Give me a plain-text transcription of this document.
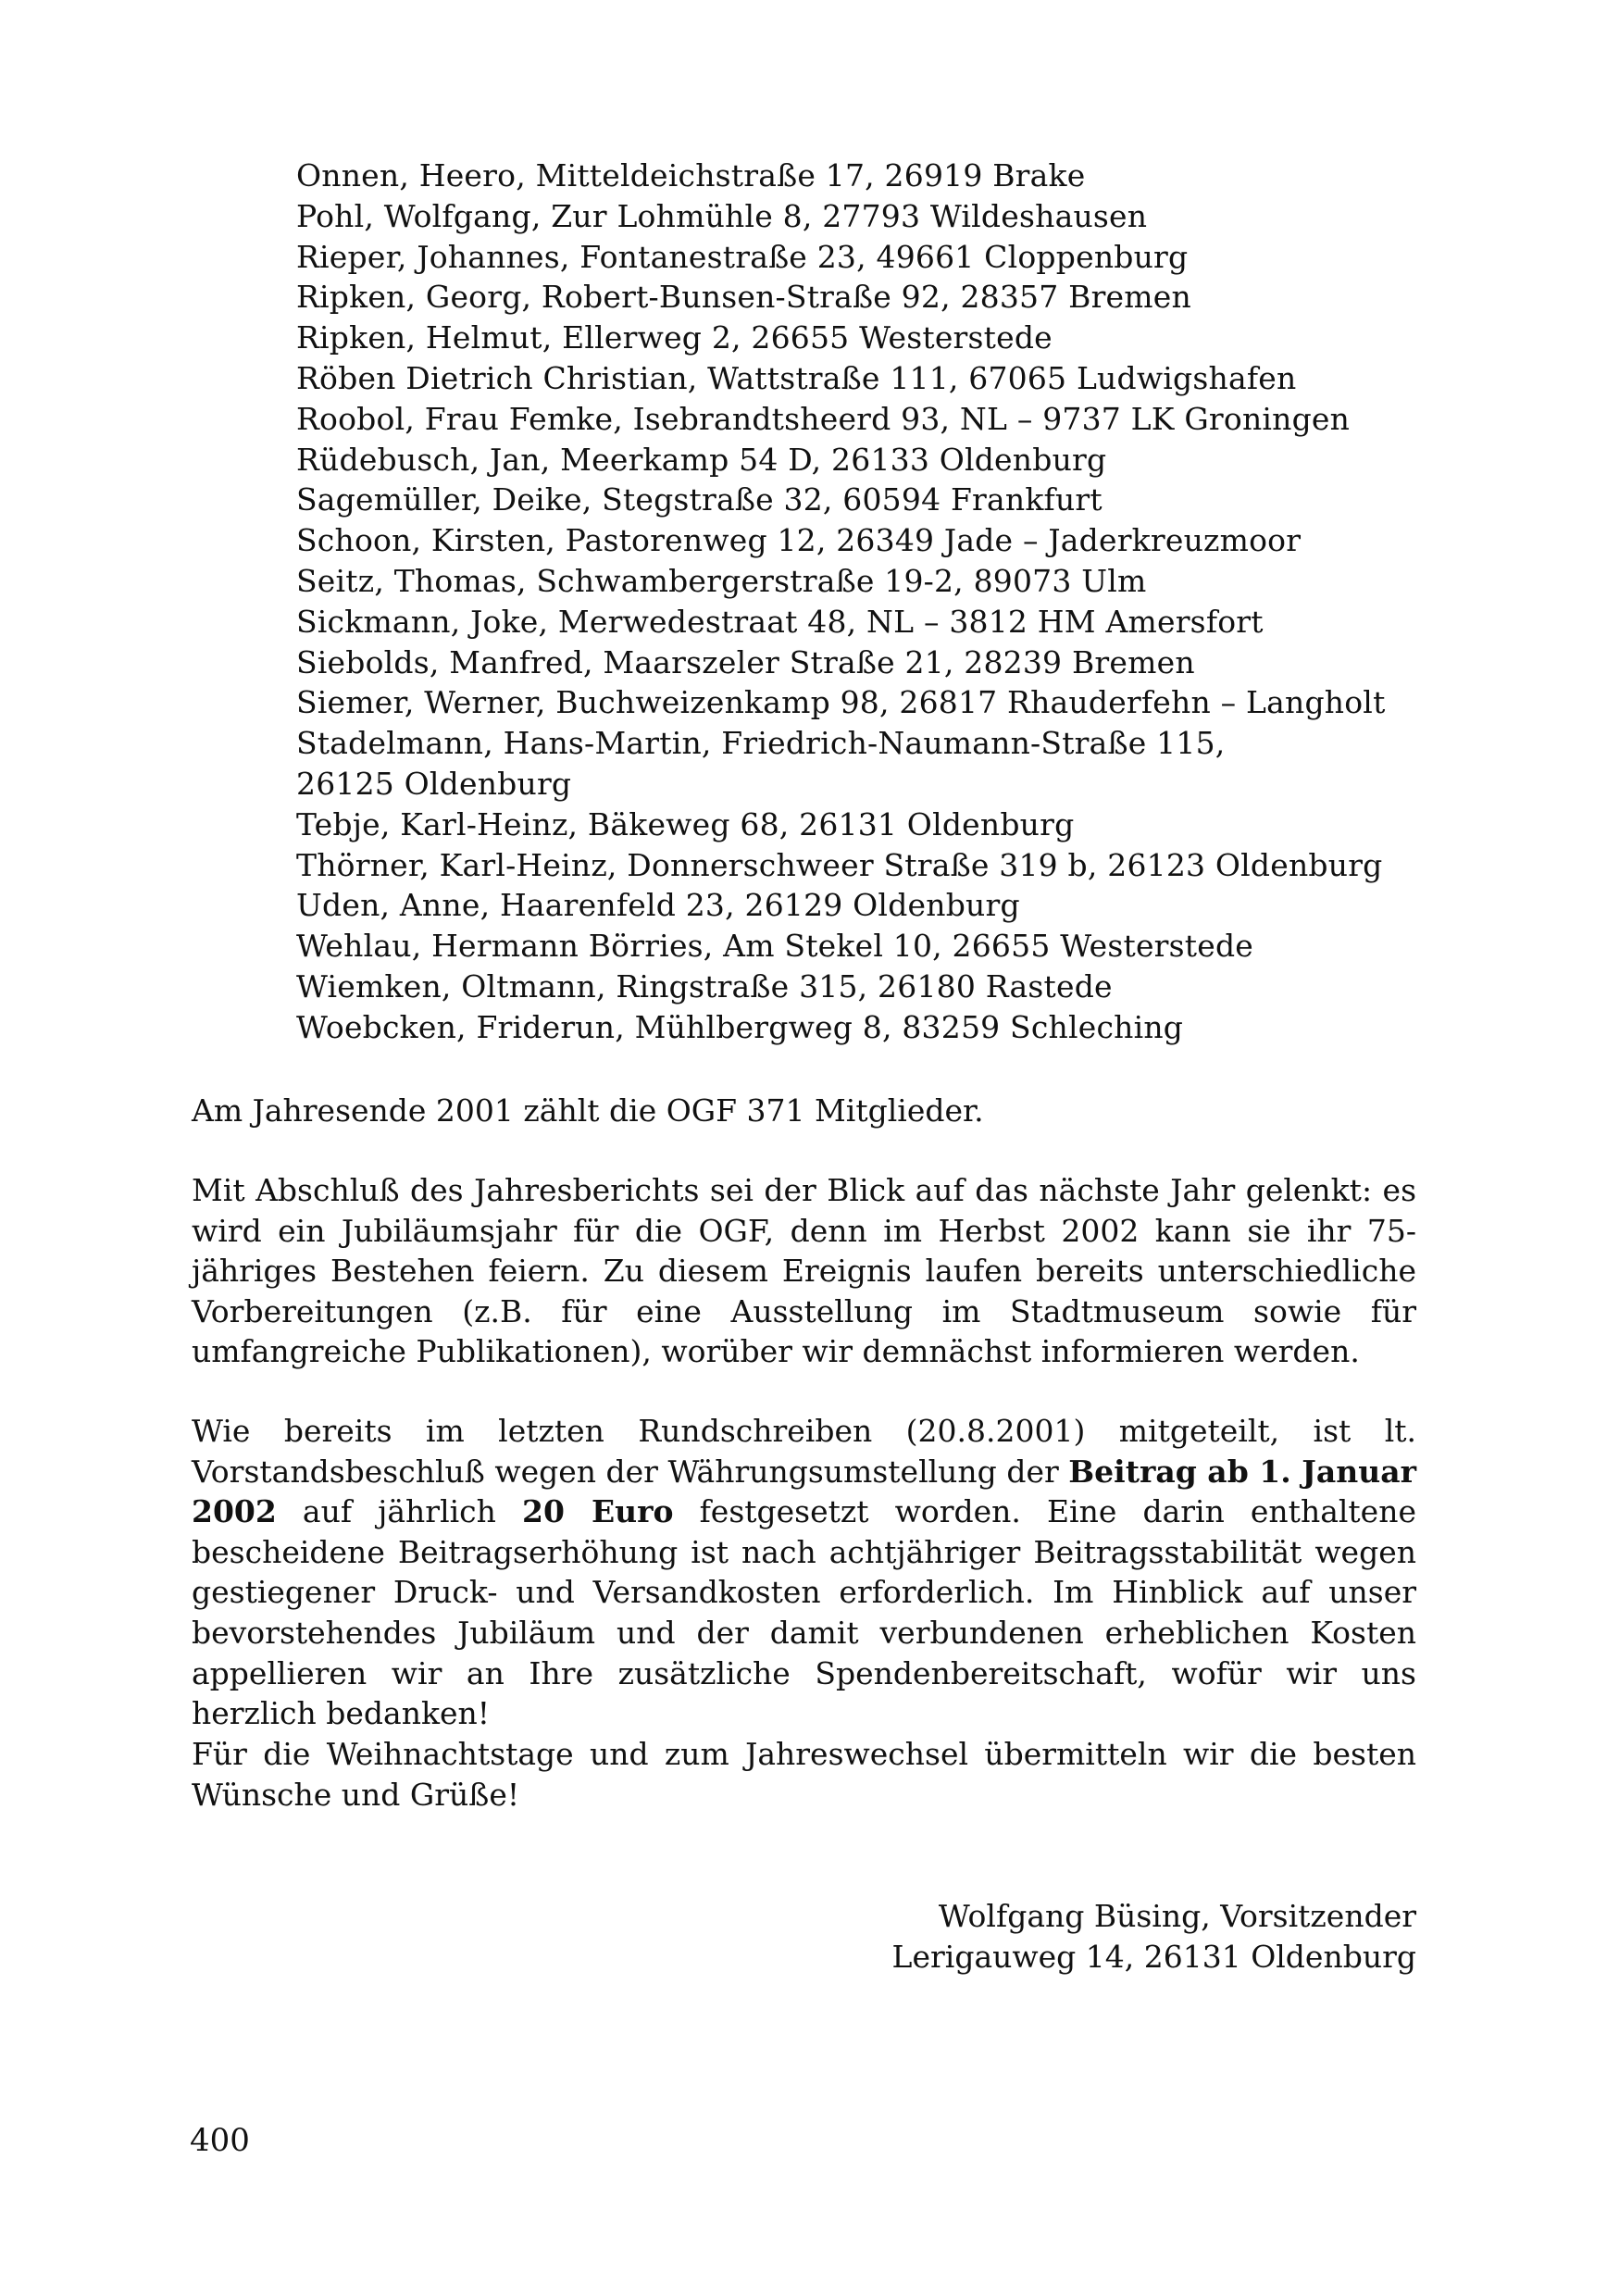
Onnen, Heero, Mitteldeichstraße 17, 26919 Brake
Pohl, Wolfgang, Zur Lohmühle 8, 27793 Wildeshausen
Rieper, Johannes, Fontanestraße 23, 49661 Cloppenburg
Ripken, Georg, Robert-Bunsen-Straße 92, 28357 Bremen
Ripken, Helmut, Ellerweg 2, 26655 Westerstede
Röben Dietrich Christian, Wattstraße 111, 67065 Ludwigshafen
Roobol, Frau Femke, Isebrandtsheerd 93, NL – 9737 LK Groningen
Rüdebusch, Jan, Meerkamp 54 D, 26133 Oldenburg
Sagemüller, Deike, Stegstraße 32, 60594 Frankfurt
Schoon, Kirsten, Pastorenweg 12, 26349 Jade – Jaderkreuzmoor
Seitz, Thomas, Schwambergerstraße 19-2, 89073 Ulm
Sickmann, Joke, Merwedestraat 48, NL – 3812 HM Amersfort
Siebolds, Manfred, Maarszeler Straße 21, 28239 Bremen
Siemer, Werner, Buchweizenkamp 98, 26817 Rhauderfehn – Langholt
Stadelmann, Hans-Martin, Friedrich-Naumann-Straße 115,
26125 Oldenburg
Tebje, Karl-Heinz, Bäkeweg 68, 26131 Oldenburg
Thörner, Karl-Heinz, Donnerschweer Straße 319 b, 26123 Oldenburg
Uden, Anne, Haarenfeld 23, 26129 Oldenburg
Wehlau, Hermann Börries, Am Stekel 10, 26655 Westerstede
Wiemken, Oltmann, Ringstraße 315, 26180 Rastede
Woebcken, Friderun, Mühlbergweg 8, 83259 Schleching

Am Jahresende 2001 zählt die OGF 371 Mitglieder.

Mit Abschluß des Jahresberichts sei der Blick auf das nächste Jahr gelenkt: es wird ein Jubiläumsjahr für die OGF, denn im Herbst 2002 kann sie ihr 75-jähriges Bestehen feiern. Zu diesem Ereignis laufen bereits unterschiedliche Vorbereitungen (z.B. für eine Ausstellung im Stadtmuseum sowie für umfangreiche Publikationen), worüber wir demnächst informieren werden.

Wie bereits im letzten Rundschreiben (20.8.2001) mitgeteilt, ist lt. Vorstandsbeschluß wegen der Währungsumstellung der Beitrag ab 1. Januar 2002 auf jährlich 20 Euro festgesetzt worden. Eine darin enthaltene bescheidene Beitragserhöhung ist nach achtjähriger Beitragsstabilität wegen gestiegener Druck- und Versandkosten erforderlich. Im Hinblick auf unser bevorstehendes Jubiläum und der damit verbundenen erheblichen Kosten appellieren wir an Ihre zusätzliche Spendenbereitschaft, wofür wir uns herzlich bedanken!

Für die Weihnachtstage und zum Jahreswechsel übermitteln wir die besten Wünsche und Grüße!

Wolfgang Büsing, Vorsitzender
Lerigauweg 14, 26131 Oldenburg
400
